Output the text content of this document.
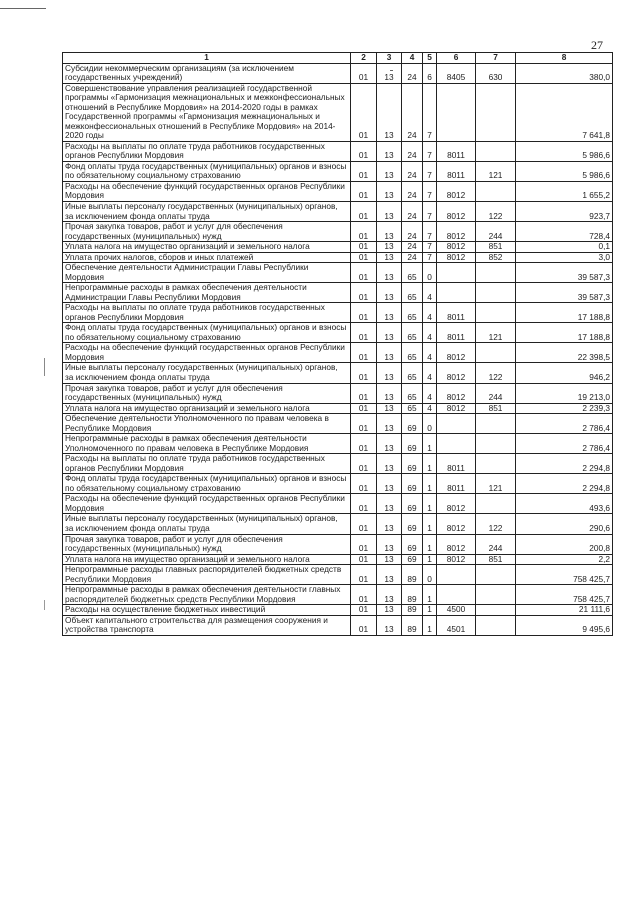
27
1	2	3	4	5	6	7	8
Субсидии некоммерческим организациям (за исключением государственных учреждений)	01	13	24	6	8405	630	380,0
Совершенствование управления реализацией государственной программы «Гармонизация межнациональных и межконфессиональных отношений в Республике Мордовия» на 2014-2020 годы в рамках Государственной программы «Гармонизация межнациональных и межконфессиональных отношений в Республике Мордовия» на 2014-2020 годы	01	13	24	7			7 641,8
Расходы на выплаты по оплате труда работников государственных органов Республики Мордовия	01	13	24	7	8011		5 986,6
Фонд оплаты труда государственных (муниципальных) органов и взносы по обязательному социальному страхованию	01	13	24	7	8011	121	5 986,6
Расходы на обеспечение функций государственных органов Республики Мордовия	01	13	24	7	8012		1 655,2
Иные выплаты персоналу государственных (муниципальных) органов, за исключением фонда оплаты труда	01	13	24	7	8012	122	923,7
Прочая закупка товаров, работ и услуг для обеспечения государственных (муниципальных) нужд	01	13	24	7	8012	244	728,4
Уплата налога на имущество организаций и земельного налога	01	13	24	7	8012	851	0,1
Уплата прочих налогов, сборов и иных платежей	01	13	24	7	8012	852	3,0
Обеспечение деятельности Администрации Главы Республики Мордовия	01	13	65	0			39 587,3
Непрограммные расходы в рамках обеспечения деятельности Администрации Главы Республики Мордовия	01	13	65	4			39 587,3
Расходы на выплаты по оплате труда работников государственных органов Республики Мордовия	01	13	65	4	8011		17 188,8
Фонд оплаты труда государственных (муниципальных) органов и взносы по обязательному социальному страхованию	01	13	65	4	8011	121	17 188,8
Расходы на обеспечение функций государственных органов Республики Мордовия	01	13	65	4	8012		22 398,5
Иные выплаты персоналу государственных (муниципальных) органов, за исключением фонда оплаты труда	01	13	65	4	8012	122	946,2
Прочая закупка товаров, работ и услуг для обеспечения государственных (муниципальных) нужд	01	13	65	4	8012	244	19 213,0
Уплата налога на имущество организаций и земельного налога	01	13	65	4	8012	851	2 239,3
Обеспечение деятельности Уполномоченного по правам человека в Республике Мордовия	01	13	69	0			2 786,4
Непрограммные расходы в рамках обеспечения деятельности Уполномоченного по правам человека в Республике Мордовия	01	13	69	1			2 786,4
Расходы на выплаты по оплате труда работников государственных органов Республики Мордовия	01	13	69	1	8011		2 294,8
Фонд оплаты труда государственных (муниципальных) органов и взносы по обязательному социальному страхованию	01	13	69	1	8011	121	2 294,8
Расходы на обеспечение функций государственных органов Республики Мордовия	01	13	69	1	8012		493,6
Иные выплаты персоналу государственных (муниципальных) органов, за исключением фонда оплаты труда	01	13	69	1	8012	122	290,6
Прочая закупка товаров, работ и услуг для обеспечения государственных (муниципальных) нужд	01	13	69	1	8012	244	200,8
Уплата налога на имущество организаций и земельного налога	01	13	69	1	8012	851	2,2
Непрограммные расходы главных распорядителей бюджетных средств Республики Мордовия	01	13	89	0			758 425,7
Непрограммные расходы в рамках обеспечения деятельности главных распорядителей бюджетных средств Республики Мордовия	01	13	89	1			758 425,7
Расходы на осуществление бюджетных инвестиций	01	13	89	1	4500		21 111,6
Объект капитального строительства для размещения сооружения и устройства транспорта	01	13	89	1	4501		9 495,6
